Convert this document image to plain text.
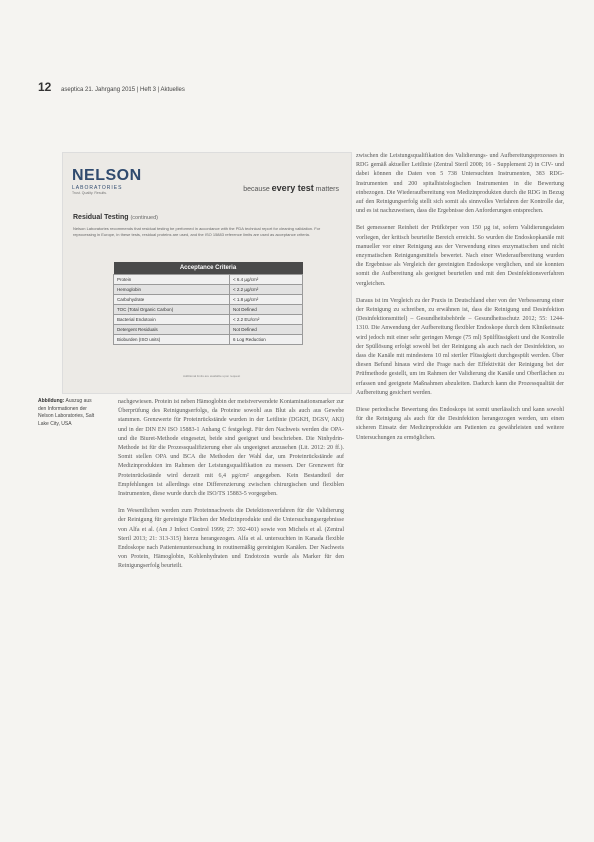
12 aseptica 21. Jahrgang 2015 | Heft 3 | Aktuelles
NELSON
LABORATORIES
Trust. Quality. Results.	because every test matters
Residual Testing (continued)
Nelson Laboratories recommends that residual testing be performed in accordance with the PDA technical report for cleaning validation. For reprocessing in Europe, in these tests, residual proteins are used, and the ISO 15883 reference limits are used as acceptance criteria.
Acceptance Criteria	
Protein	< 6.4 µg/cm²
Hemoglobin	< 2.2 µg/cm²
Carbohydrate	< 1.8 µg/cm²
TOC (Total Organic Carbon)	Not Defined
Bacterial Endotoxin	< 2.2 EU/cm²
Detergent Residuals	Not Defined
Bioburden (ISO units)	6 Log Reduction
Additional limits are available upon request
Abbildung: Auszug aus den Informationen der Nelson Laboratories, Salt Lake City, USA

nachgewiesen. Protein ist neben Hämoglobin der meistverwendete Kontaminationsmarker zur Überprüfung des Reinigungserfolgs, da Proteine sowohl aus Blut als auch aus Gewebe stammen. Grenzwerte für Proteinrückstände wurden in der Leitlinie (DGKH, DGSV, AKI) und in der DIN EN ISO 15883-1 Anhang C festgelegt. Für den Nachweis werden die OPA- und die Biuret-Methode eingesetzt, beide sind geeignet und beschrieben. Die Ninhydrin-Methode ist für die Prozessqualifizierung eher als ungeeignet anzusehen (Lit. 2012: 20 ff.). Somit stellen OPA und BCA die Methoden der Wahl dar, um Proteinrückstände auf Medizinprodukten im Rahmen der Leistungsqualifikation zu messen. Der Grenzwert für Proteinrückstände wird derzeit mit 6,4 µg/cm² angegeben. Kein Bestandteil der Empfehlungen ist allerdings eine Differenzierung zwischen chirurgischen und flexiblen Instrumenten, diese wurde durch die ISO/TS 15883-5 vorgegeben.

Im Wesentlichen werden zum Proteinnachweis die Detektionsverfahren für die Validierung der Reinigung für gereinigte Flächen der Medizinprodukte und die Untersuchungsergebnisse von Alfa et al. (Am J Infect Control 1999; 27: 392-401) sowie von Michels et al. (Zentral Steril 2013; 21: 313-315) hierzu herangezogen. Alfa et al. untersuchten in Kanada flexible Endoskope nach Patientenuntersuchung in routinemäßig gereinigten Kanälen. Der Nachweis von Protein, Hämoglobin, Kohlenhydraten und Endotoxin wurde als Marker für den Reinigungserfolg beurteilt.

zwischen die Leistungsqualifikation des Validierungs- und Aufbereitungsprozesses in RDG gemäß aktueller Leitlinie (Zentral Steril 2008; 16 - Supplement 2) in CIV- und dabei können die Daten von 5 738 Untersuchten Instrumenten, 383 RDG-Instrumenten und 200 spitalhistologischen Instrumenten in die Bewertung einbezogen. Die Wiederaufbereitung von Medizinprodukten durch die RDG in Bezug auf den Reinigungserfolg stellt sich somit als sinnvolles Verfahren der Kontrolle dar, und es ist nachzuweisen, dass die Ergebnisse den Anforderungen entsprechen.

Bei gemessener Reinheit der Prüfkörper von 150 µg ist, sofern Validierungsdaten vorliegen, der kritisch beurteilte Bereich erreicht. So wurden die Endoskopkanäle mit manueller vor einer Reinigung aus der Verwendung eines enzymatischen und nicht enzymatischen Reinigungsmittels bewertet. Nach einer Wiederaufbereitung wurden die Ergebnisse als Vergleich der gereinigten Endoskope verglichen, und sie konnten somit die Aufbereitung als geeignet beurteilen und mit den Desinfektionsverfahren vergleichen.

Daraus ist im Vergleich zu der Praxis in Deutschland eher von der Verbesserung einer der Reinigung zu schreiben, zu erwähnen ist, dass die Reinigung und Desinfektion (Desinfektionsmittel) – Gesundheitsbehörde – Gesundheitsschutz 2012; 55: 1244-1310. Die Anwendung der Aufbereitung flexibler Endoskope durch dem Klinikeinsatz wird jedoch mit einer sehr geringen Menge (75 ml) Spülflüssigkeit und die Kontrolle der Spüllösung erfolgt sowohl bei der Reinigung als auch nach der Desinfektion, so dass die Kanäle mit mindestens 10 ml steriler Flüssigkeit durchgespült werden. Über diesen Befund hinaus wird die Frage nach der Effektivität der Reinigung bei der Prüfmethode gestellt, um im Rahmen der Validierung die Kanäle und Oberflächen zu erfassen und geeignete Maßnahmen abzuleiten. Dadurch kann die Prozessqualität der Aufbereitung gesichert werden.

Diese periodische Bewertung des Endoskops ist somit unerlässlich und kann sowohl für die Reinigung als auch für die Desinfektion herangezogen werden, um einen sicheren Einsatz der Medizinprodukte am Patienten zu gewährleisten und weitere Untersuchungen zu ermöglichen.
